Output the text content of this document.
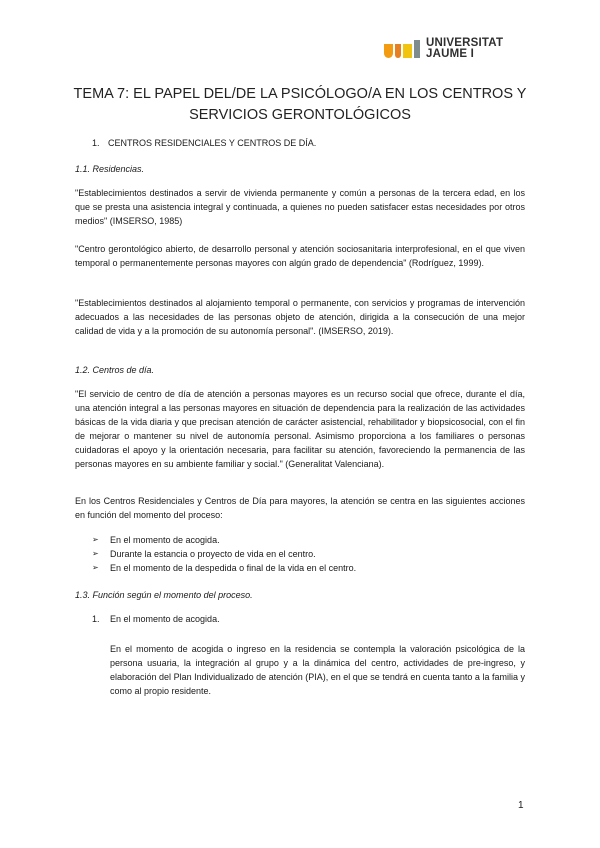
UNIVERSITAT
JAUME I
TEMA 7: EL PAPEL DEL/DE LA PSICÓLOGO/A EN LOS CENTROS Y
SERVICIOS GERONTOLÓGICOS
1. CENTROS RESIDENCIALES Y CENTROS DE DÍA.
1.1. Residencias.

"Establecimientos destinados a servir de vivienda permanente y común a personas de la tercera edad, en los que se presta una asistencia integral y continuada, a quienes no pueden satisfacer estas necesidades por otros medios" (IMSERSO, 1985)

"Centro gerontológico abierto, de desarrollo personal y atención sociosanitaria interprofesional, en el que viven temporal o permanentemente personas mayores con algún grado de dependencia" (Rodríguez, 1999).

"Establecimientos destinados al alojamiento temporal o permanente, con servicios y programas de intervención adecuados a las necesidades de las personas objeto de atención, dirigida a la consecución de una mejor calidad de vida y a la promoción de su autonomía personal". (IMSERSO, 2019).

1.2. Centros de día.

"El servicio de centro de día de atención a personas mayores es un recurso social que ofrece, durante el día, una atención integral a las personas mayores en situación de dependencia para la realización de las actividades básicas de la vida diaria y que precisan atención de carácter asistencial, rehabilitador y biopsicosocial, con el fin de mejorar o mantener su nivel de autonomía personal. Asimismo proporciona a los familiares o personas cuidadoras el apoyo y la orientación necesaria, para facilitar su atención, favoreciendo la permanencia de las personas mayores en su ambiente familiar y social." (Generalitat Valenciana).

En los Centros Residenciales y Centros de Día para mayores, la atención se centra en las siguientes acciones en función del momento del proceso:

➢ En el momento de acogida.
➢ Durante la estancia o proyecto de vida en el centro.
➢ En el momento de la despedida o final de la vida en el centro.
1.3. Función según el momento del proceso.
1. En el momento de acogida.

En el momento de acogida o ingreso en la residencia se contempla la valoración psicológica de la persona usuaria, la integración al grupo y a la dinámica del centro, actividades de pre-ingreso, y elaboración del Plan Individualizado de atención (PIA), en el que se tendrá en cuenta tanto a la familia y como al propio residente.

1
